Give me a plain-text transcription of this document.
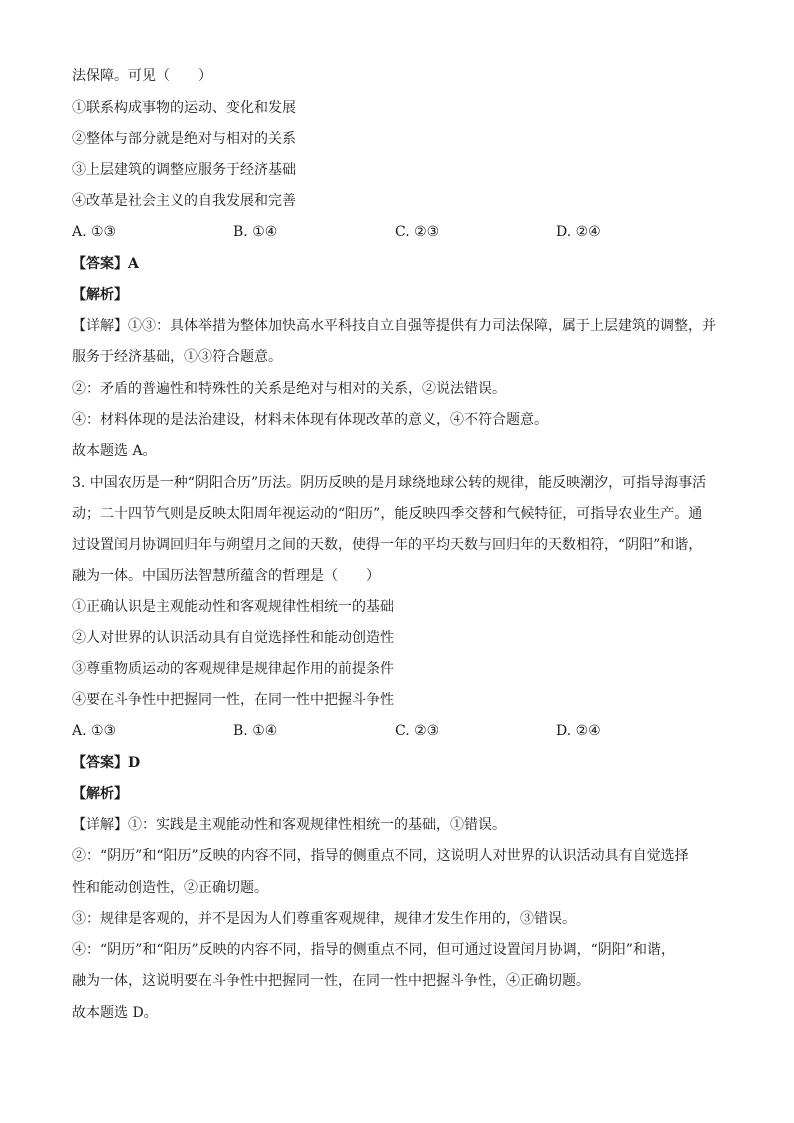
法保障。可见（　　）
①联系构成事物的运动、变化和发展
②整体与部分就是绝对与相对的关系
③上层建筑的调整应服务于经济基础
④改革是社会主义的自我发展和完善
A. ①③	B. ①④	C. ②③	D. ②④
【答案】A
【解析】
【详解】①③：具体举措为整体加快高水平科技自立自强等提供有力司法保障，属于上层建筑的调整，并
服务于经济基础，①③符合题意。
②：矛盾的普遍性和特殊性的关系是绝对与相对的关系，②说法错误。
④：材料体现的是法治建设，材料未体现有体现改革的意义，④不符合题意。
故本题选 A。
3. 中国农历是一种“阴阳合历”历法。阴历反映的是月球绕地球公转的规律，能反映潮汐，可指导海事活
动；二十四节气则是反映太阳周年视运动的“阳历”，能反映四季交替和气候特征，可指导农业生产。通
过设置闰月协调回归年与朔望月之间的天数，使得一年的平均天数与回归年的天数相符，“阴阳”和谐，
融为一体。中国历法智慧所蕴含的哲理是（　　）
①正确认识是主观能动性和客观规律性相统一的基础
②人对世界的认识活动具有自觉选择性和能动创造性
③尊重物质运动的客观规律是规律起作用的前提条件
④要在斗争性中把握同一性，在同一性中把握斗争性
A. ①③	B. ①④	C. ②③	D. ②④
【答案】D
【解析】
【详解】①：实践是主观能动性和客观规律性相统一的基础，①错误。
②：“阴历”和“阳历”反映的内容不同，指导的侧重点不同，这说明人对世界的认识活动具有自觉选择
性和能动创造性，②正确切题。
③：规律是客观的，并不是因为人们尊重客观规律，规律才发生作用的，③错误。
④：“阴历”和“阳历”反映的内容不同，指导的侧重点不同，但可通过设置闰月协调，“阴阳”和谐，
融为一体，这说明要在斗争性中把握同一性，在同一性中把握斗争性，④正确切题。
故本题选 D。
